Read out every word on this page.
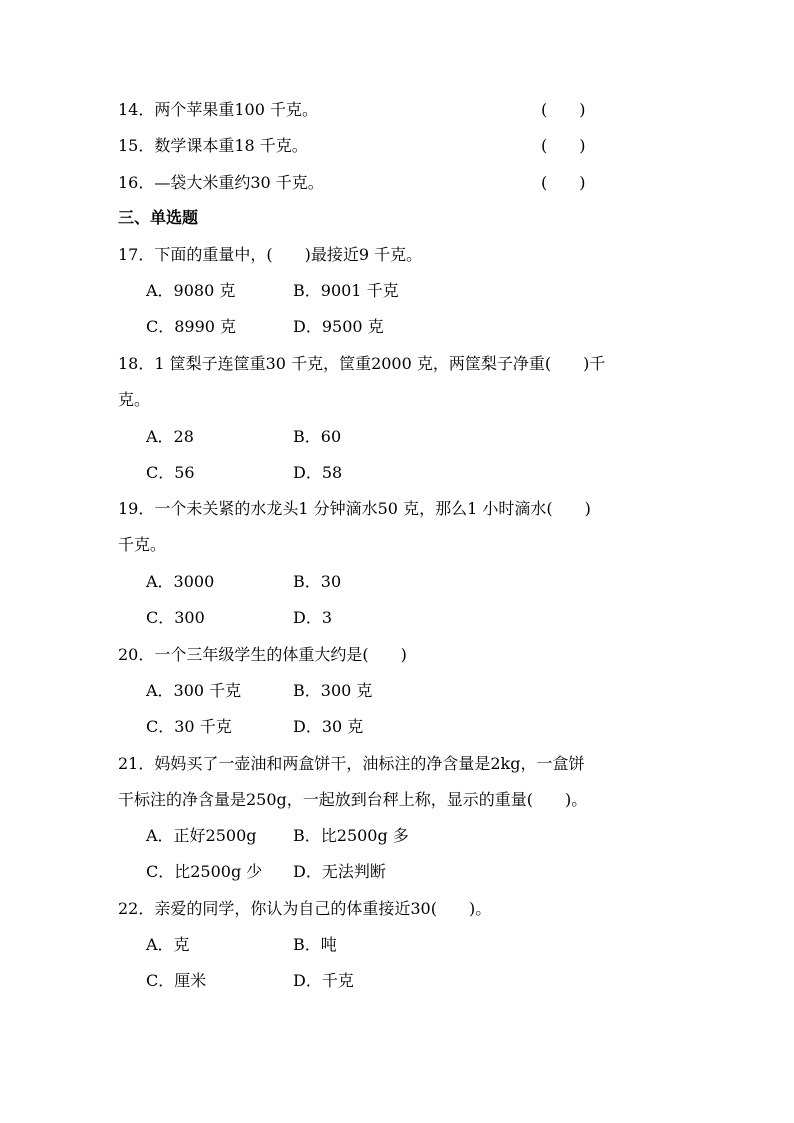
14．两个苹果重100 千克。	(　　)
15．数学课本重18 千克。	(　　)
16．—袋大米重约30 千克。	(　　)
三、单选题
17．下面的重量中，(　　)最接近9 千克。
A．9080 克	B．9001 千克
C．8990 克	D．9500 克
18．1 筐梨子连筐重30 千克，筐重2000 克，两筐梨子净重(　　)千
克。
A．28	B．60
C．56	D．58
19．一个未关紧的水龙头1 分钟滴水50 克，那么1 小时滴水(　　)
千克。
A．3000	B．30
C．300	D．3
20．一个三年级学生的体重大约是(　　)
A．300 千克	B．300 克
C．30 千克	D．30 克
21．妈妈买了一壶油和两盒饼干，油标注的净含量是2kg，一盒饼
干标注的净含量是250g，一起放到台秤上称，显示的重量(　　)。
A．正好2500g B．比2500g 多
C．比2500g 少 D．无法判断
22．亲爱的同学，你认为自己的体重接近30(　　)。
A．克	B．吨
C．厘米	D．千克
